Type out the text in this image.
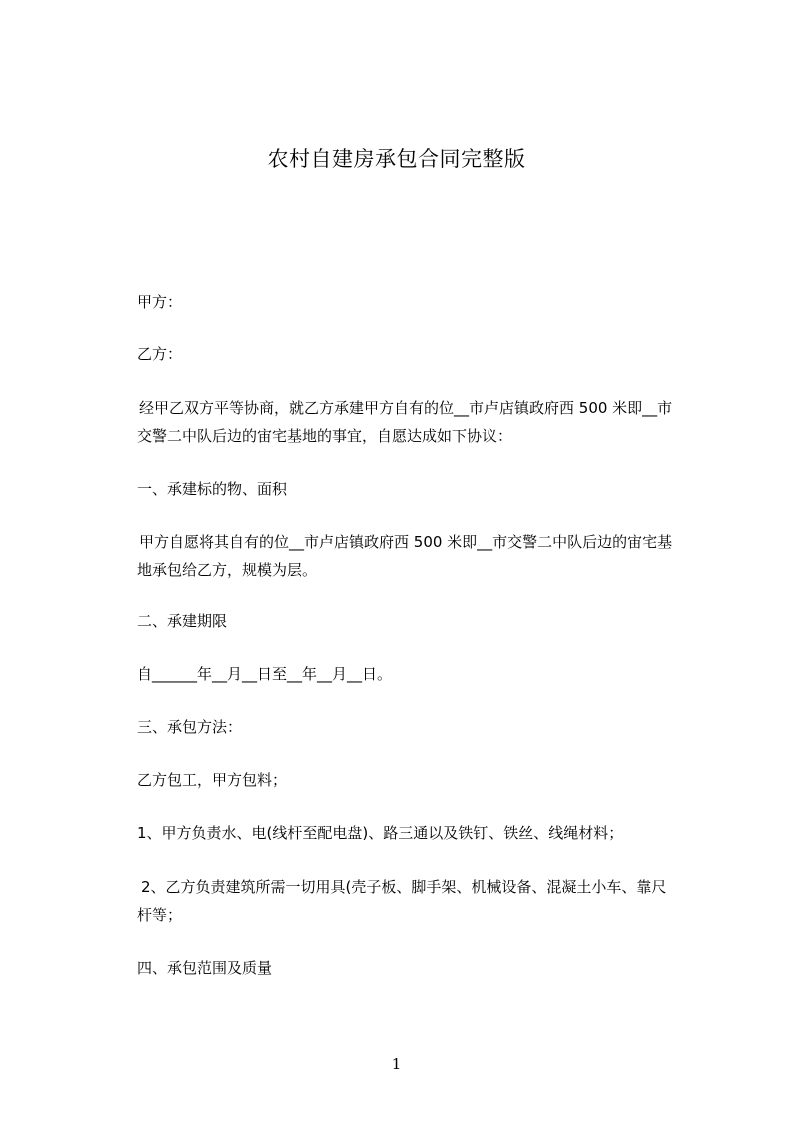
农村自建房承包合同完整版
甲方：
乙方：
经甲乙双方平等协商，就乙方承建甲方自有的位__市卢店镇政府西 500 米即__市
交警二中队后边的宙宅基地的事宜，自愿达成如下协议：
一、承建标的物、面积
甲方自愿将其自有的位__市卢店镇政府西 500 米即__市交警二中队后边的宙宅基
地承包给乙方，规模为层。
二、承建期限
自______年__月__日至__年__月__日。
三、承包方法：
乙方包工，甲方包料；
1、甲方负责水、电(线杆至配电盘)、路三通以及铁钉、铁丝、线绳材料；
2、乙方负责建筑所需一切用具(壳子板、脚手架、机械设备、混凝土小车、靠尺
杆等；
四、承包范围及质量
1
